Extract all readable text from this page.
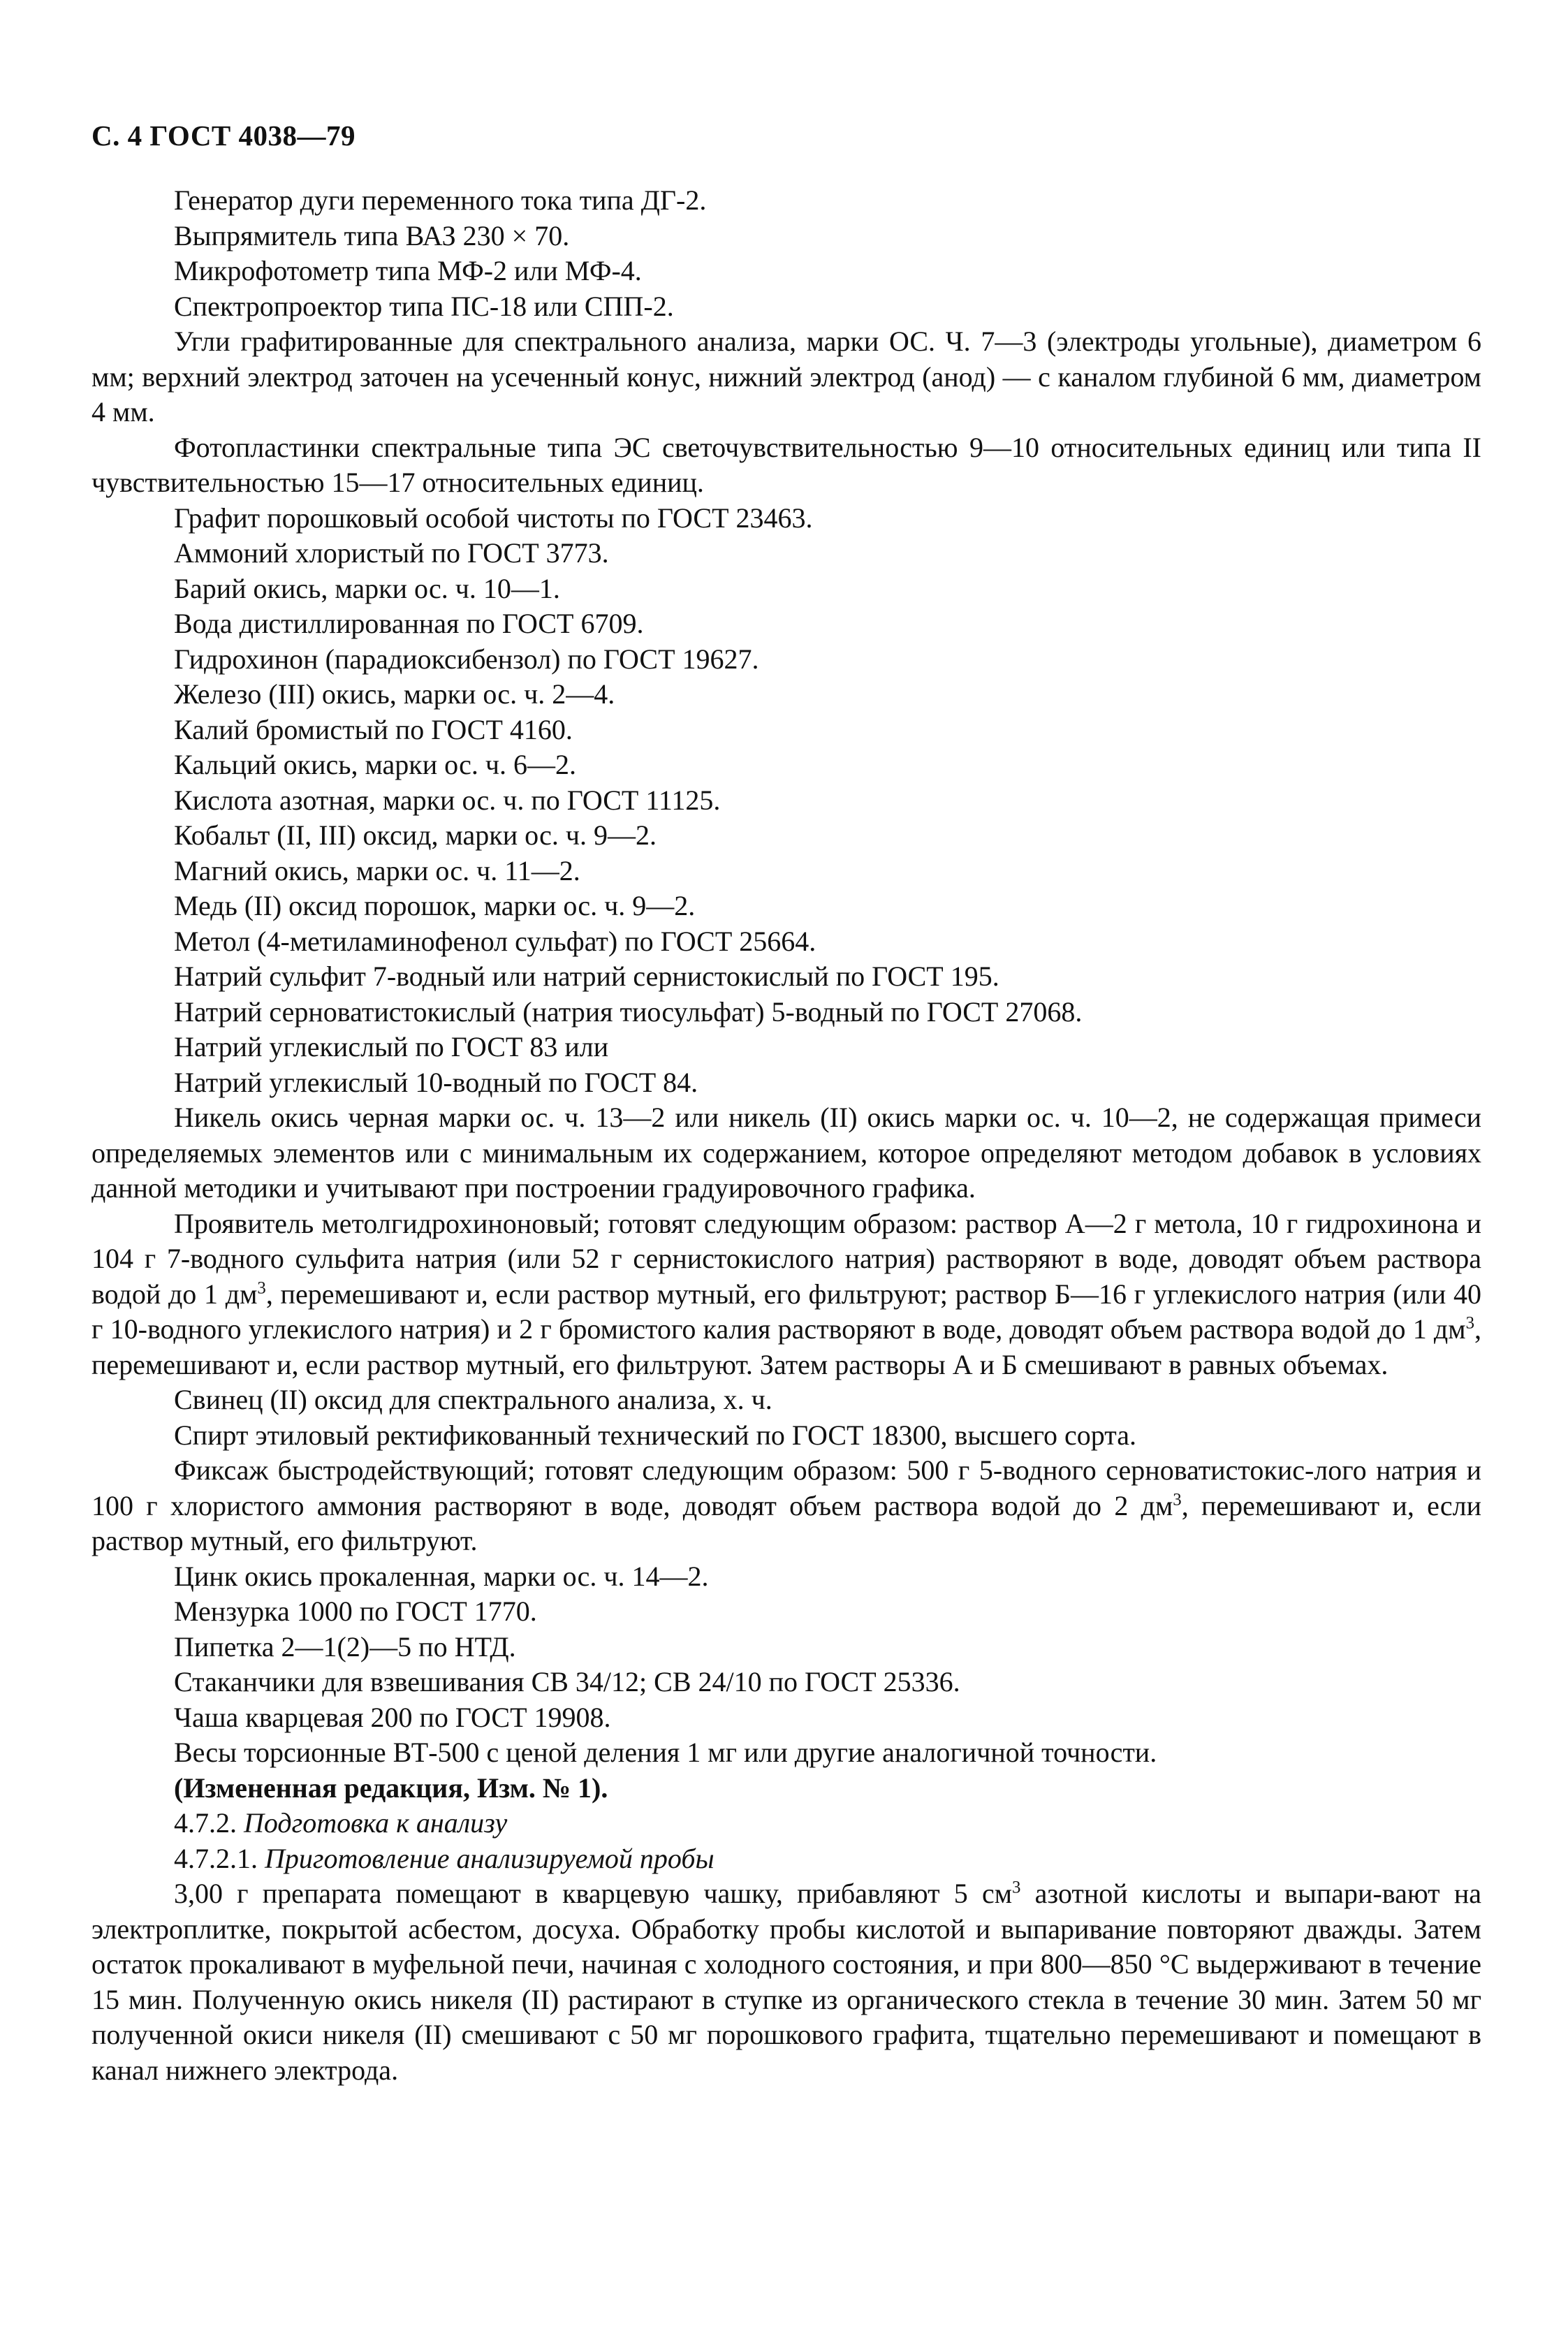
С. 4 ГОСТ 4038—79

Генератор дуги переменного тока типа ДГ-2.

Выпрямитель типа ВАЗ 230 × 70.

Микрофотометр типа МФ-2 или МФ-4.

Спектропроектор типа ПС-18 или СПП-2.

Угли графитированные для спектрального анализа, марки ОС. Ч. 7—3 (электроды угольные), диаметром 6 мм; верхний электрод заточен на усеченный конус, нижний электрод (анод) — с каналом глубиной 6 мм, диаметром 4 мм.

Фотопластинки спектральные типа ЭС светочувствительностью 9—10 относительных единиц или типа II чувствительностью 15—17 относительных единиц.

Графит порошковый особой чистоты по ГОСТ 23463.

Аммоний хлористый по ГОСТ 3773.

Барий окись, марки ос. ч. 10—1.

Вода дистиллированная по ГОСТ 6709.

Гидрохинон (парадиоксибензол) по ГОСТ 19627.

Железо (III) окись, марки ос. ч. 2—4.

Калий бромистый по ГОСТ 4160.

Кальций окись, марки ос. ч. 6—2.

Кислота азотная, марки ос. ч. по ГОСТ 11125.

Кобальт (II, III) оксид, марки ос. ч. 9—2.

Магний окись, марки ос. ч. 11—2.

Медь (II) оксид порошок, марки ос. ч. 9—2.

Метол (4-метиламинофенол сульфат) по ГОСТ 25664.

Натрий сульфит 7-водный или натрий сернистокислый по ГОСТ 195.

Натрий серноватистокислый (натрия тиосульфат) 5-водный по ГОСТ 27068.

Натрий углекислый по ГОСТ 83 или

Натрий углекислый 10-водный по ГОСТ 84.

Никель окись черная марки ос. ч. 13—2 или никель (II) окись марки ос. ч. 10—2, не содержащая примеси определяемых элементов или с минимальным их содержанием, которое определяют методом добавок в условиях данной методики и учитывают при построении градуировочного графика.

Проявитель метолгидрохиноновый; готовят следующим образом: раствор А—2 г метола, 10 г гидрохинона и 104 г 7-водного сульфита натрия (или 52 г сернистокислого натрия) растворяют в воде, доводят объем раствора водой до 1 $дм^3$, перемешивают и, если раствор мутный, его фильтруют; раствор Б—16 г углекислого натрия (или 40 г 10-водного углекислого натрия) и 2 г бромистого калия растворяют в воде, доводят объем раствора водой до 1 $дм^3$, перемешивают и, если раствор мутный, его фильтруют. Затем растворы А и Б смешивают в равных объемах.

Свинец (II) оксид для спектрального анализа, х. ч.

Спирт этиловый ректификованный технический по ГОСТ 18300, высшего сорта.

Фиксаж быстродействующий; готовят следующим образом: 500 г 5-водного серноватистокис-лого натрия и 100 г хлористого аммония растворяют в воде, доводят объем раствора водой до 2 $дм^3$, перемешивают и, если раствор мутный, его фильтруют.

Цинк окись прокаленная, марки ос. ч. 14—2.

Мензурка 1000 по ГОСТ 1770.

Пипетка 2—1(2)—5 по НТД.

Стаканчики для взвешивания СВ 34/12; СВ 24/10 по ГОСТ 25336.

Чаша кварцевая 200 по ГОСТ 19908.

Весы торсионные ВТ-500 с ценой деления 1 мг или другие аналогичной точности.

(Измененная редакция, Изм. № 1).

4.7.2. Подготовка к анализу

4.7.2.1. Приготовление анализируемой пробы

3,00 г препарата помещают в кварцевую чашку, прибавляют 5 $см^3$ азотной кислоты и выпари-вают на электроплитке, покрытой асбестом, досуха. Обработку пробы кислотой и выпаривание повторяют дважды. Затем остаток прокаливают в муфельной печи, начиная с холодного состояния, и при 800—850 °С выдерживают в течение 15 мин. Полученную окись никеля (II) растирают в ступке из органического стекла в течение 30 мин. Затем 50 мг полученной окиси никеля (II) смешивают с 50 мг порошкового графита, тщательно перемешивают и помещают в канал нижнего электрода.
